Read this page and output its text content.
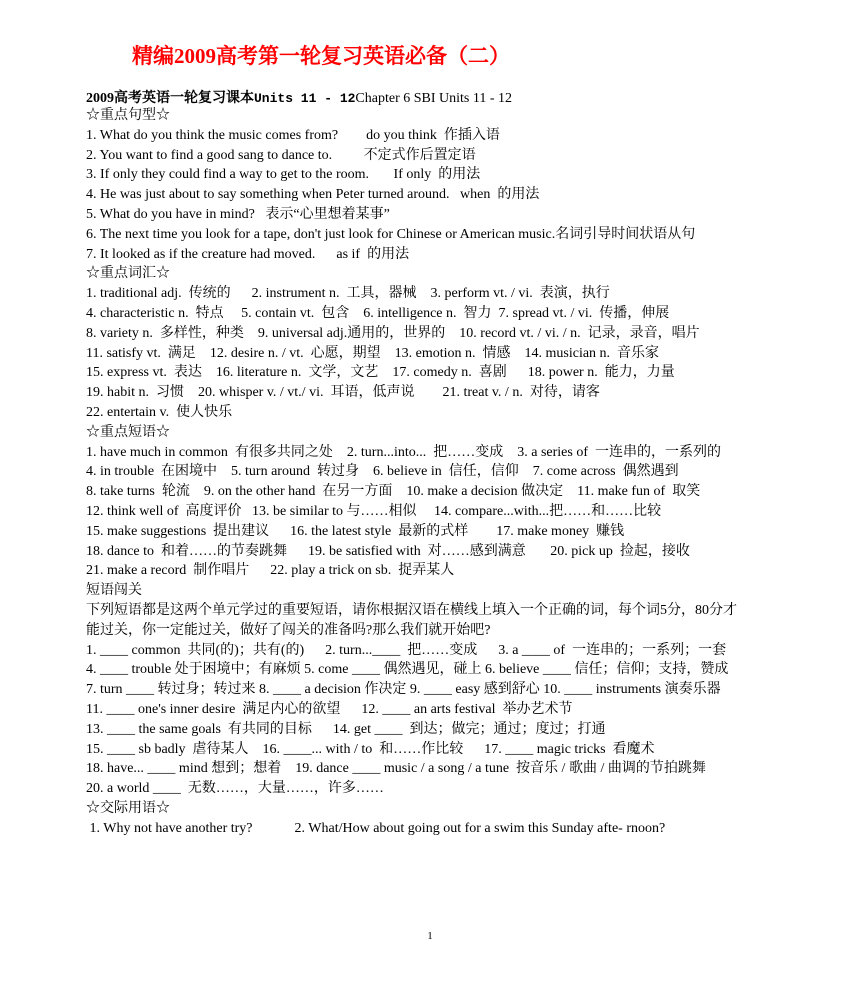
精编2009高考第一轮复习英语必备（二）
2009高考英语一轮复习课本Units 11 - 12Chapter 6 SBI Units 11 - 12
☆重点句型☆
1. What do you think the music comes from?        do you think  作插入语
2. You want to find a good sang to dance to.         不定式作后置定语
3. If only they could find a way to get to the room.       If only  的用法
4. He was just about to say something when Peter turned around.   when  的用法
5. What do you have in mind?   表示“心里想着某事”
6. The next time you look for a tape, don't just look for Chinese or American music.名词引导时间状语从句
7. It looked as if the creature had moved.      as if  的用法
☆重点词汇☆
1. traditional adj.  传统的      2. instrument n.  工具，器械    3. perform vt. / vi.  表演，执行
4. characteristic n.  特点     5. contain vt.  包含    6. intelligence n.  智力  7. spread vt. / vi.  传播，伸展
8. variety n.  多样性，种类    9. universal adj.通用的，世界的    10. record vt. / vi. / n.  记录，录音，唱片
11. satisfy vt.  满足    12. desire n. / vt.  心愿，期望    13. emotion n.  情感    14. musician n.  音乐家
15. express vt.  表达    16. literature n.  文学，文艺    17. comedy n.  喜剧      18. power n.  能力，力量
19. habit n.  习惯    20. whisper v. / vt./ vi.  耳语，低声说        21. treat v. / n.  对待，请客
22. entertain v.  使人快乐
☆重点短语☆
1. have much in common  有很多共同之处    2. turn...into...  把……变成    3. a series of  一连串的，一系列的
4. in trouble  在困境中    5. turn around  转过身    6. believe in  信任，信仰    7. come across  偶然遇到
8. take turns  轮流    9. on the other hand  在另一方面    10. make a decision 做决定    11. make fun of  取笑
12. think well of  高度评价   13. be similar to 与……相似     14. compare...with...把……和……比较
15. make suggestions  提出建议      16. the latest style  最新的式样        17. make money  赚钱
18. dance to  和着……的节奏跳舞      19. be satisfied with  对……感到满意       20. pick up  捡起，接收
21. make a record  制作唱片      22. play a trick on sb.  捉弄某人
短语闯关
下列短语都是这两个单元学过的重要短语，请你根据汉语在横线上填入一个正确的词，每个词5分，80分才
能过关，你一定能过关，做好了闯关的准备吗?那么我们就开始吧?
1. ____ common  共同(的)；共有(的)      2. turn...____  把……变成      3. a ____ of  一连串的；一系列；一套
4. ____ trouble 处于困境中；有麻烦 5. come ____ 偶然遇见，碰上 6. believe ____ 信任；信仰；支持，赞成
7. turn ____ 转过身；转过来 8. ____ a decision 作决定 9. ____ easy 感到舒心 10. ____ instruments 演奏乐器
11. ____ one's inner desire  满足内心的欲望      12. ____ an arts festival  举办艺术节
13. ____ the same goals  有共同的目标      14. get ____  到达；做完；通过；度过；打通
15. ____ sb badly  虐待某人    16. ____... with / to  和……作比较      17. ____ magic tricks  看魔术
18. have... ____ mind 想到；想着    19. dance ____ music / a song / a tune  按音乐 / 歌曲 / 曲调的节拍跳舞
20. a world ____  无数……，大量……，许多……
☆交际用语☆
1. Why not have another try?            2. What/How about going out for a swim this Sunday afte- rnoon?
1
